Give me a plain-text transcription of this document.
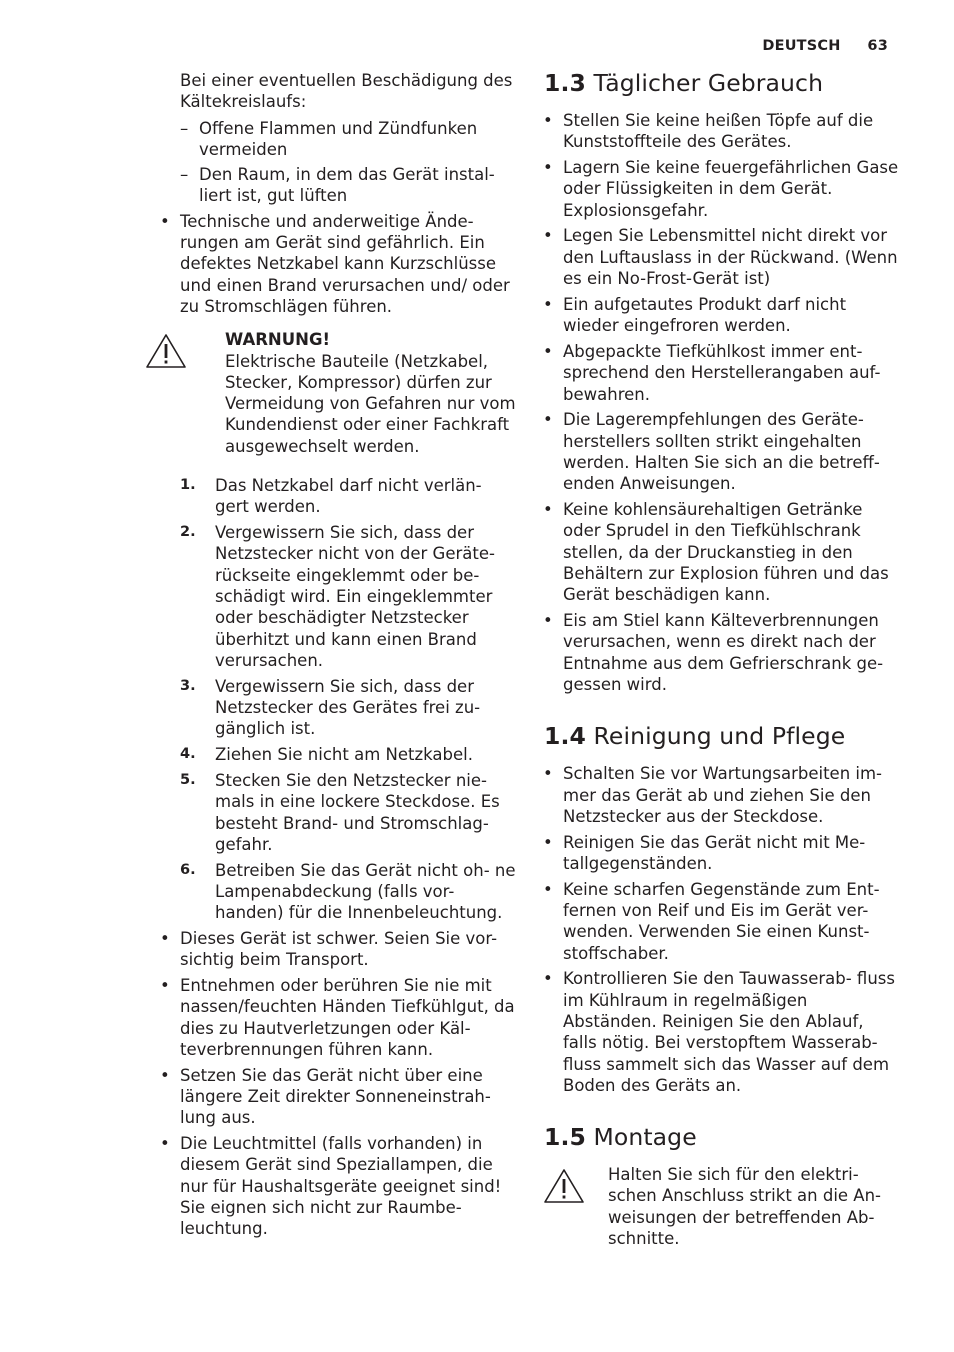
DEUTSCH 63

Bei einer eventuellen Beschädigung des Kältekreislaufs:

– Offene Flammen und Zündfunken vermeiden
– Den Raum, in dem das Gerät instal- liert ist, gut lüften
• Technische und anderweitige Ände- rungen am Gerät sind gefährlich. Ein defektes Netzkabel kann Kurzschlüsse und einen Brand verursachen und/ oder zu Stromschlägen führen.
WARNUNG!

Elektrische Bauteile (Netzkabel, Stecker, Kompressor) dürfen zur Vermeidung von Gefahren nur vom Kundendienst oder einer Fachkraft ausgewechselt werden.

1. Das Netzkabel darf nicht verlän- gert werden.
2. Vergewissern Sie sich, dass der Netzstecker nicht von der Geräte- rückseite eingeklemmt oder be- schädigt wird. Ein eingeklemmter oder beschädigter Netzstecker überhitzt und kann einen Brand verursachen.
3. Vergewissern Sie sich, dass der Netzstecker des Gerätes frei zu- gänglich ist.
4. Ziehen Sie nicht am Netzkabel.
5. Stecken Sie den Netzstecker nie- mals in eine lockere Steckdose. Es besteht Brand- und Stromschlag- gefahr.
6. Betreiben Sie das Gerät nicht oh- ne Lampenabdeckung (falls vor- handen) für die Innenbeleuchtung.
• Dieses Gerät ist schwer. Seien Sie vor- sichtig beim Transport.
• Entnehmen oder berühren Sie nie mit nassen/feuchten Händen Tiefkühlgut, da dies zu Hautverletzungen oder Käl- teverbrennungen führen kann.
• Setzen Sie das Gerät nicht über eine längere Zeit direkter Sonneneinstrah- lung aus.
• Die Leuchtmittel (falls vorhanden) in diesem Gerät sind Speziallampen, die nur für Haushaltsgeräte geeignet sind! Sie eignen sich nicht zur Raumbe- leuchtung.
1.3 Täglicher Gebrauch
• Stellen Sie keine heißen Töpfe auf die Kunststoffteile des Gerätes.
• Lagern Sie keine feuergefährlichen Gase oder Flüssigkeiten in dem Gerät. Explosionsgefahr.
• Legen Sie Lebensmittel nicht direkt vor den Luftauslass in der Rückwand. (Wenn es ein No-Frost-Gerät ist)
• Ein aufgetautes Produkt darf nicht wieder eingefroren werden.
• Abgepackte Tiefkühlkost immer ent- sprechend den Herstellerangaben auf- bewahren.
• Die Lagerempfehlungen des Geräte- herstellers sollten strikt eingehalten werden. Halten Sie sich an die betreff- enden Anweisungen.
• Keine kohlensäurehaltigen Getränke oder Sprudel in den Tiefkühlschrank stellen, da der Druckanstieg in den Behältern zur Explosion führen und das Gerät beschädigen kann.
• Eis am Stiel kann Kälteverbrennungen verursachen, wenn es direkt nach der Entnahme aus dem Gefrierschrank ge- gessen wird.
1.4 Reinigung und Pflege
• Schalten Sie vor Wartungsarbeiten im- mer das Gerät ab und ziehen Sie den Netzstecker aus der Steckdose.
• Reinigen Sie das Gerät nicht mit Me- tallgegenständen.
• Keine scharfen Gegenstände zum Ent- fernen von Reif und Eis im Gerät ver- wenden. Verwenden Sie einen Kunst- stoffschaber.
• Kontrollieren Sie den Tauwasserab- fluss im Kühlraum in regelmäßigen Abständen. Reinigen Sie den Ablauf, falls nötig. Bei verstopftem Wasserab- fluss sammelt sich das Wasser auf dem Boden des Geräts an.
1.5 Montage

Halten Sie sich für den elektri- schen Anschluss strikt an die An- weisungen der betreffenden Ab- schnitte.
